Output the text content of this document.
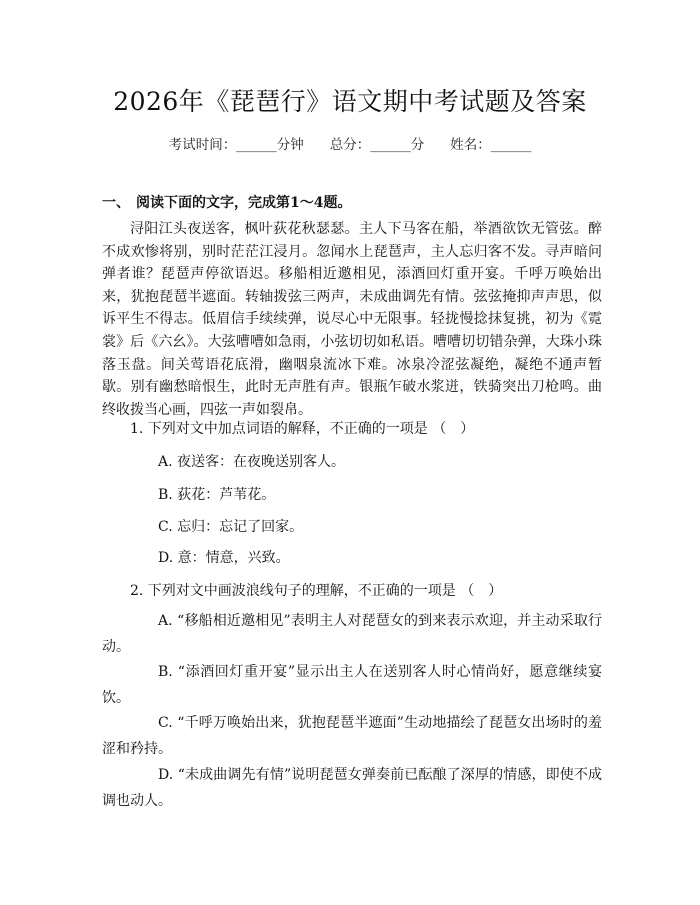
2026年《琵琶行》语文期中考试题及答案
考试时间：______分钟 总分：______分 姓名：______
一、 阅读下面的文字，完成第1～4题。

浔阳江头夜送客，枫叶荻花秋瑟瑟。主人下马客在船，举酒欲饮无管弦。醉不成欢惨将别，别时茫茫江浸月。忽闻水上琵琶声，主人忘归客不发。寻声暗问弹者谁？琵琶声停欲语迟。移船相近邀相见，添酒回灯重开宴。千呼万唤始出来，犹抱琵琶半遮面。转轴拨弦三两声，未成曲调先有情。弦弦掩抑声声思，似诉平生不得志。低眉信手续续弹，说尽心中无限事。轻拢慢捻抹复挑，初为《霓裳》后《六幺》。大弦嘈嘈如急雨，小弦切切如私语。嘈嘈切切错杂弹，大珠小珠落玉盘。间关莺语花底滑，幽咽泉流冰下难。冰泉冷涩弦凝绝，凝绝不通声暂歇。别有幽愁暗恨生，此时无声胜有声。银瓶乍破水浆迸，铁骑突出刀枪鸣。曲终收拨当心画，四弦一声如裂帛。

1. 下列对文中加点词语的解释，不正确的一项是 （　）
A. 夜送客：在夜晚送别客人。
B. 荻花：芦苇花。
C. 忘归：忘记了回家。
D. 意：情意，兴致。
2. 下列对文中画波浪线句子的理解，不正确的一项是 （　）

A. “移船相近邀相见”表明主人对琵琶女的到来表示欢迎，并主动采取行动。

B. “添酒回灯重开宴”显示出主人在送别客人时心情尚好，愿意继续宴饮。

C. “千呼万唤始出来，犹抱琵琶半遮面”生动地描绘了琵琶女出场时的羞涩和矜持。

D. “未成曲调先有情”说明琵琶女弹奏前已酝酿了深厚的情感，即使不成调也动人。
